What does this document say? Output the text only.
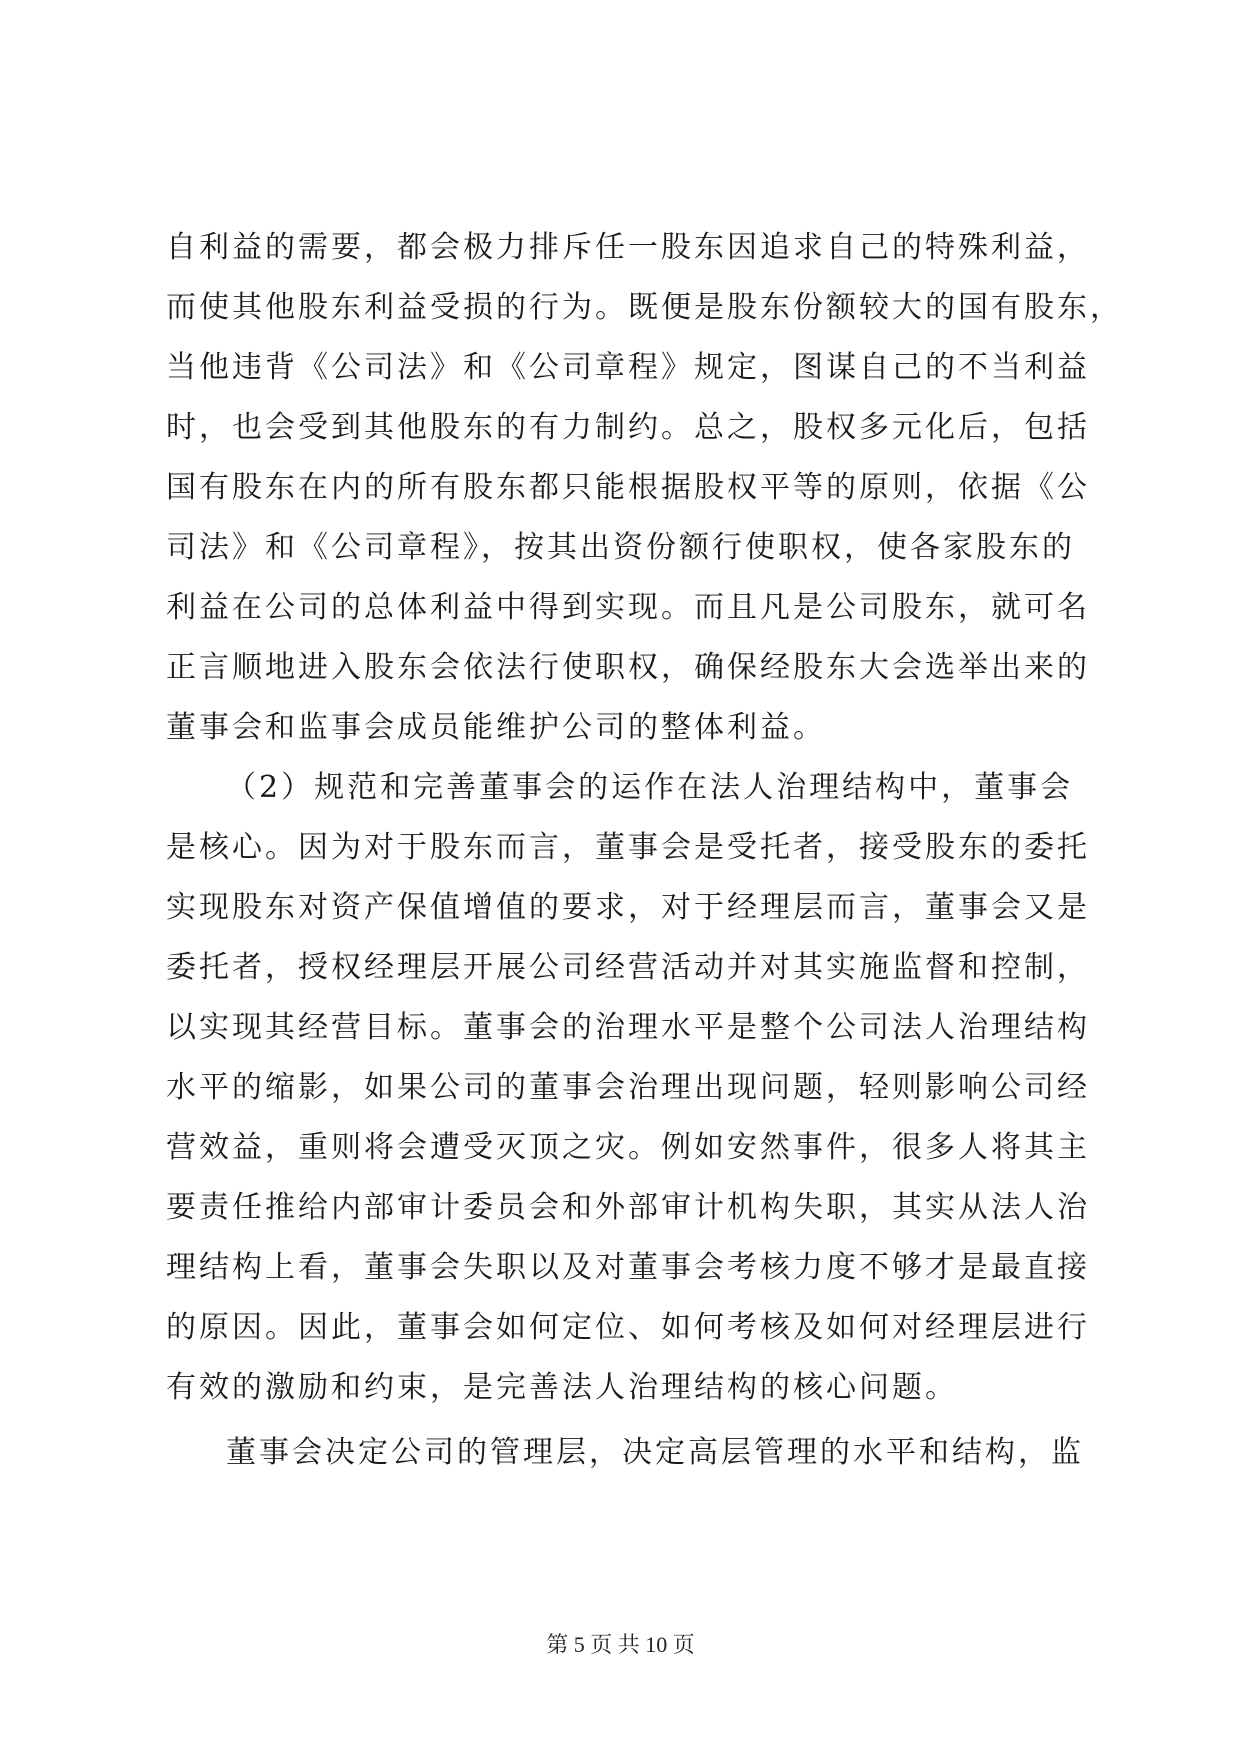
自利益的需要，都会极力排斥任一股东因追求自己的特殊利益，
而使其他股东利益受损的行为。既便是股东份额较大的国有股东，
当他违背《公司法》和《公司章程》规定，图谋自己的不当利益
时，也会受到其他股东的有力制约。总之，股权多元化后，包括
国有股东在内的所有股东都只能根据股权平等的原则，依据《公
司法》和《公司章程》，按其出资份额行使职权，使各家股东的
利益在公司的总体利益中得到实现。而且凡是公司股东，就可名
正言顺地进入股东会依法行使职权，确保经股东大会选举出来的
董事会和监事会成员能维护公司的整体利益。
（2）规范和完善董事会的运作在法人治理结构中，董事会
是核心。因为对于股东而言，董事会是受托者，接受股东的委托
实现股东对资产保值增值的要求，对于经理层而言，董事会又是
委托者，授权经理层开展公司经营活动并对其实施监督和控制，
以实现其经营目标。董事会的治理水平是整个公司法人治理结构
水平的缩影，如果公司的董事会治理出现问题，轻则影响公司经
营效益，重则将会遭受灭顶之灾。例如安然事件，很多人将其主
要责任推给内部审计委员会和外部审计机构失职，其实从法人治
理结构上看，董事会失职以及对董事会考核力度不够才是最直接
的原因。因此，董事会如何定位、如何考核及如何对经理层进行
有效的激励和约束，是完善法人治理结构的核心问题。
董事会决定公司的管理层，决定高层管理的水平和结构，监
第 5 页 共 10 页
